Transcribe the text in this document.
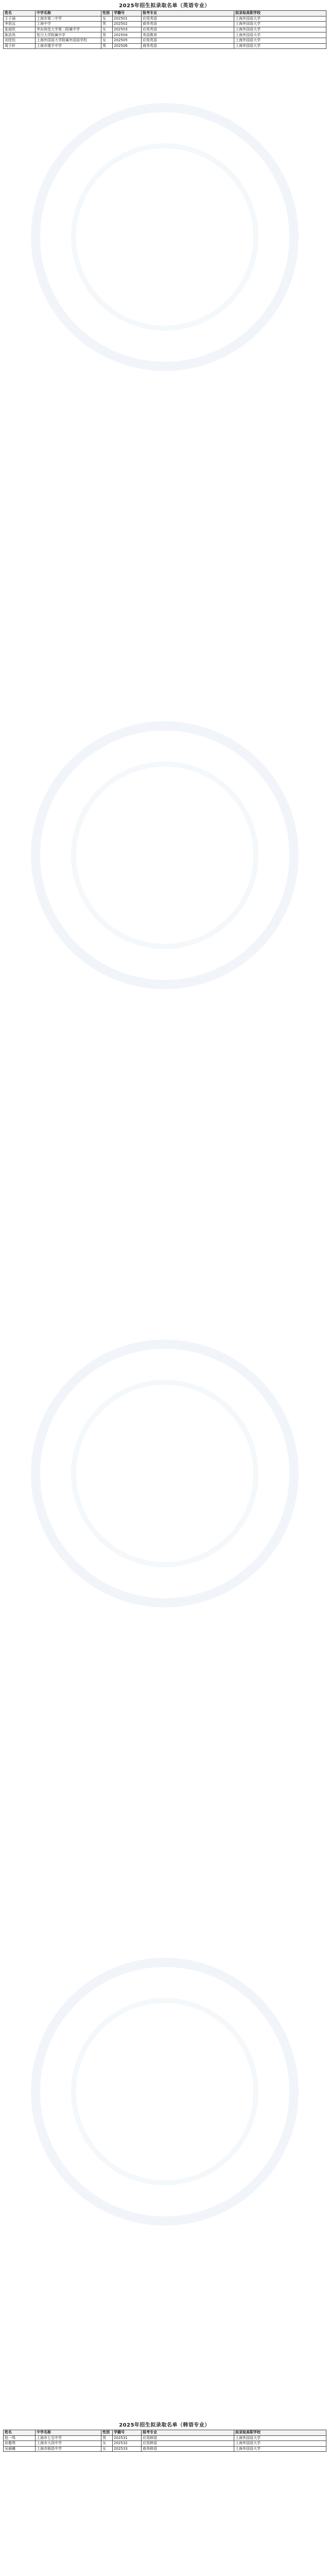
2025年招生拟录取名单（英语专业）
姓名	中学名称	性别	学籍号	报考专业	拟录取高职学校
王子涵	上海市第二中学	女	202501	应用英语	上海外国语大学
李思远	上海中学	男	202502	商务英语	上海外国语大学
张雨欣	华东师范大学第二附属中学	女	202503	应用英语	上海外国语大学
陈浩然	复旦大学附属中学	男	202504	英语教育	上海外国语大学
刘佳怡	上海外国语大学附属外国语学校	女	202505	应用英语	上海外国语大学
周子轩	上海市建平中学	男	202506	商务英语	上海外国语大学
2025年招生拟录取名单（韩语专业）
姓名	中学名称	性别	学籍号	报考专业	拟录取高职学校
赵一鸣	上海市七宝中学	男	202531	应用韩语	上海外国语大学
孙雅琪	上海市大同中学	女	202532	应用韩语	上海外国语大学
吴晨曦	上海市格致中学	女	202533	商务韩语	上海外国语大学
